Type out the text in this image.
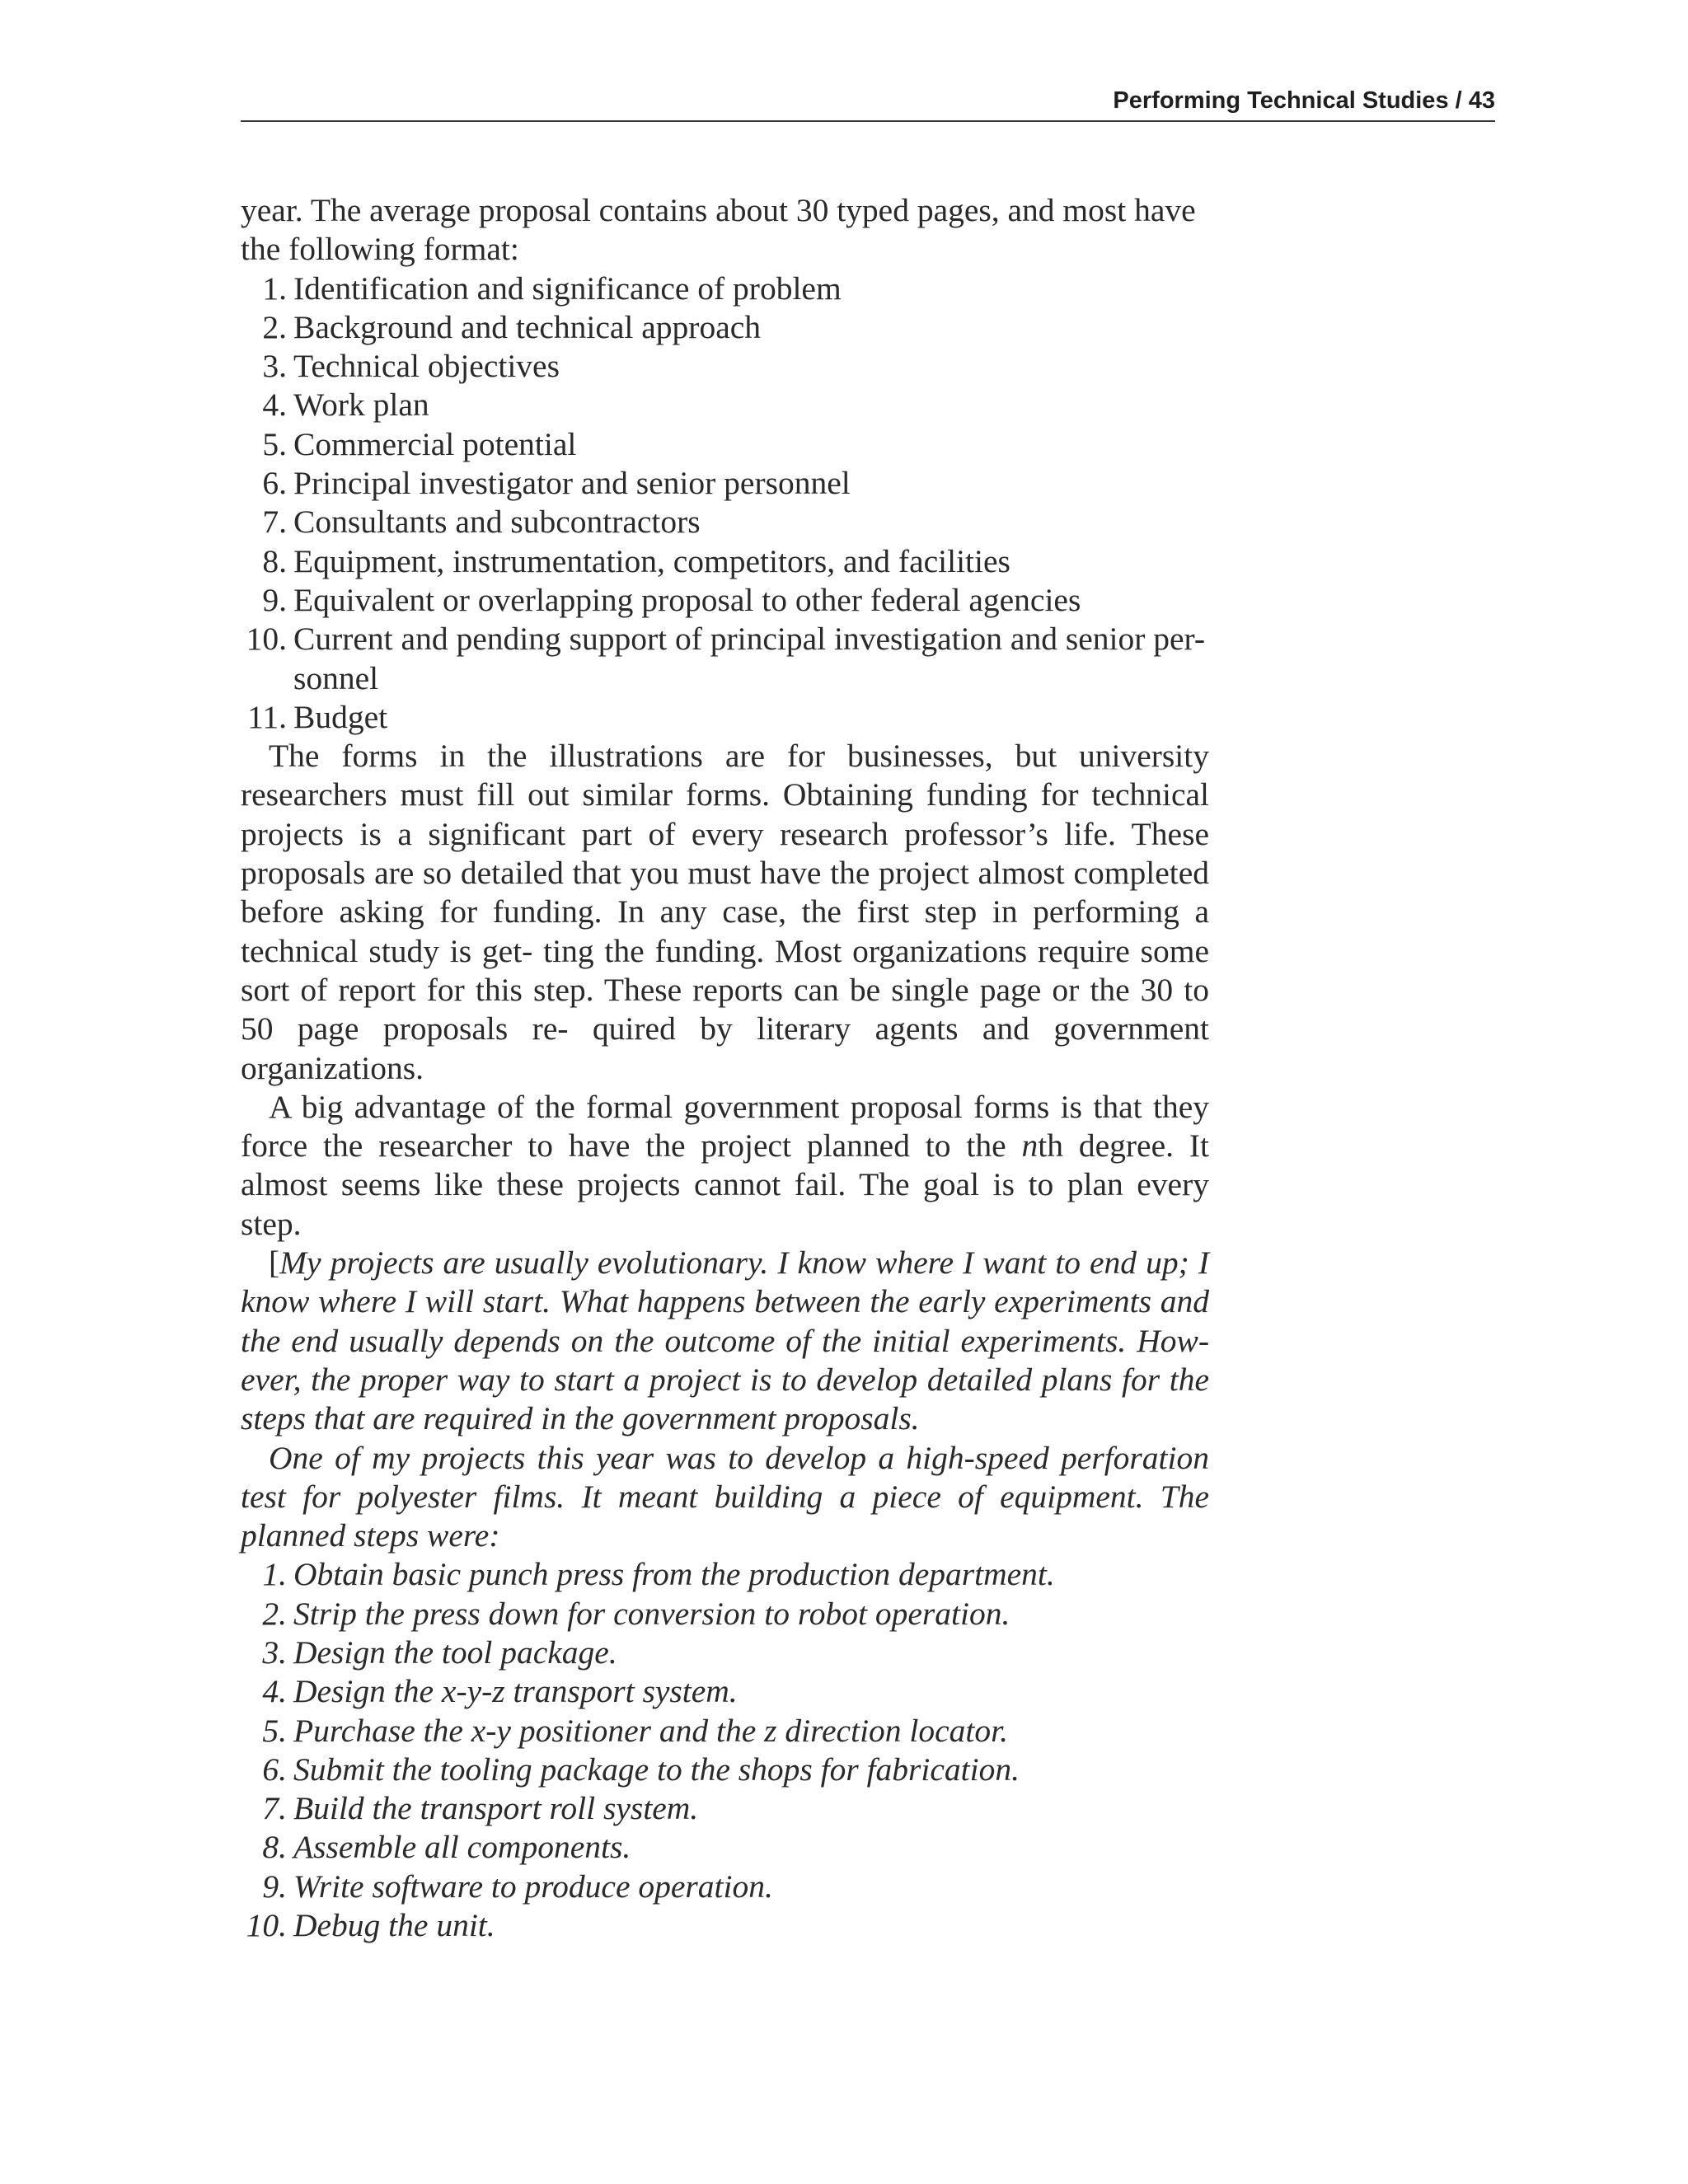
Performing Technical Studies / 43

year. The average proposal contains about 30 typed pages, and most have the following format:

1. Identification and significance of problem
2. Background and technical approach
3. Technical objectives
4. Work plan
5. Commercial potential
6. Principal investigator and senior personnel
7. Consultants and subcontractors
8. Equipment, instrumentation, competitors, and facilities
9. Equivalent or overlapping proposal to other federal agencies
10. Current and pending support of principal investigation and senior per- sonnel
11. Budget

The forms in the illustrations are for businesses, but university researchers must fill out similar forms. Obtaining funding for technical projects is a significant part of every research professor’s life. These proposals are so detailed that you must have the project almost completed before asking for funding. In any case, the first step in performing a technical study is get- ting the funding. Most organizations require some sort of report for this step. These reports can be single page or the 30 to 50 page proposals re- quired by literary agents and government organizations.

A big advantage of the formal government proposal forms is that they force the researcher to have the project planned to the nth degree. It almost seems like these projects cannot fail. The goal is to plan every step.

[My projects are usually evolutionary. I know where I want to end up; I know where I will start. What happens between the early experiments and the end usually depends on the outcome of the initial experiments. How- ever, the proper way to start a project is to develop detailed plans for the steps that are required in the government proposals.

One of my projects this year was to develop a high-speed perforation test for polyester films. It meant building a piece of equipment. The planned steps were:

1. Obtain basic punch press from the production department.
2. Strip the press down for conversion to robot operation.
3. Design the tool package.
4. Design the x-y-z transport system.
5. Purchase the x-y positioner and the z direction locator.
6. Submit the tooling package to the shops for fabrication.
7. Build the transport roll system.
8. Assemble all components.
9. Write software to produce operation.
10. Debug the unit.
